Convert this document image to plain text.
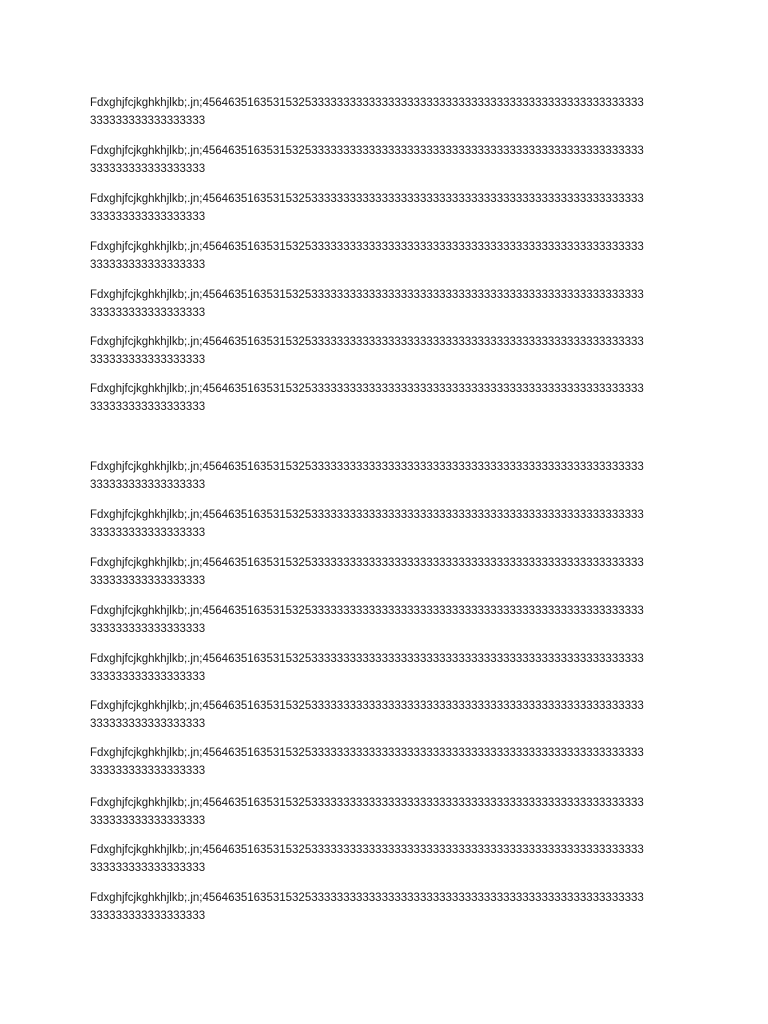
Fdxghjfcjkghkhjlkb;.jn;456463516353153253333333333333333333333333333333333333333333333333333
333333333333333333

Fdxghjfcjkghkhjlkb;.jn;456463516353153253333333333333333333333333333333333333333333333333333
333333333333333333

Fdxghjfcjkghkhjlkb;.jn;456463516353153253333333333333333333333333333333333333333333333333333
333333333333333333

Fdxghjfcjkghkhjlkb;.jn;456463516353153253333333333333333333333333333333333333333333333333333
333333333333333333

Fdxghjfcjkghkhjlkb;.jn;456463516353153253333333333333333333333333333333333333333333333333333
333333333333333333

Fdxghjfcjkghkhjlkb;.jn;456463516353153253333333333333333333333333333333333333333333333333333
333333333333333333

Fdxghjfcjkghkhjlkb;.jn;456463516353153253333333333333333333333333333333333333333333333333333
333333333333333333

Fdxghjfcjkghkhjlkb;.jn;456463516353153253333333333333333333333333333333333333333333333333333
333333333333333333

Fdxghjfcjkghkhjlkb;.jn;456463516353153253333333333333333333333333333333333333333333333333333
333333333333333333

Fdxghjfcjkghkhjlkb;.jn;456463516353153253333333333333333333333333333333333333333333333333333
333333333333333333

Fdxghjfcjkghkhjlkb;.jn;456463516353153253333333333333333333333333333333333333333333333333333
333333333333333333

Fdxghjfcjkghkhjlkb;.jn;456463516353153253333333333333333333333333333333333333333333333333333
333333333333333333

Fdxghjfcjkghkhjlkb;.jn;456463516353153253333333333333333333333333333333333333333333333333333
333333333333333333

Fdxghjfcjkghkhjlkb;.jn;456463516353153253333333333333333333333333333333333333333333333333333
333333333333333333

Fdxghjfcjkghkhjlkb;.jn;456463516353153253333333333333333333333333333333333333333333333333333
333333333333333333

Fdxghjfcjkghkhjlkb;.jn;456463516353153253333333333333333333333333333333333333333333333333333
333333333333333333

Fdxghjfcjkghkhjlkb;.jn;456463516353153253333333333333333333333333333333333333333333333333333
333333333333333333
